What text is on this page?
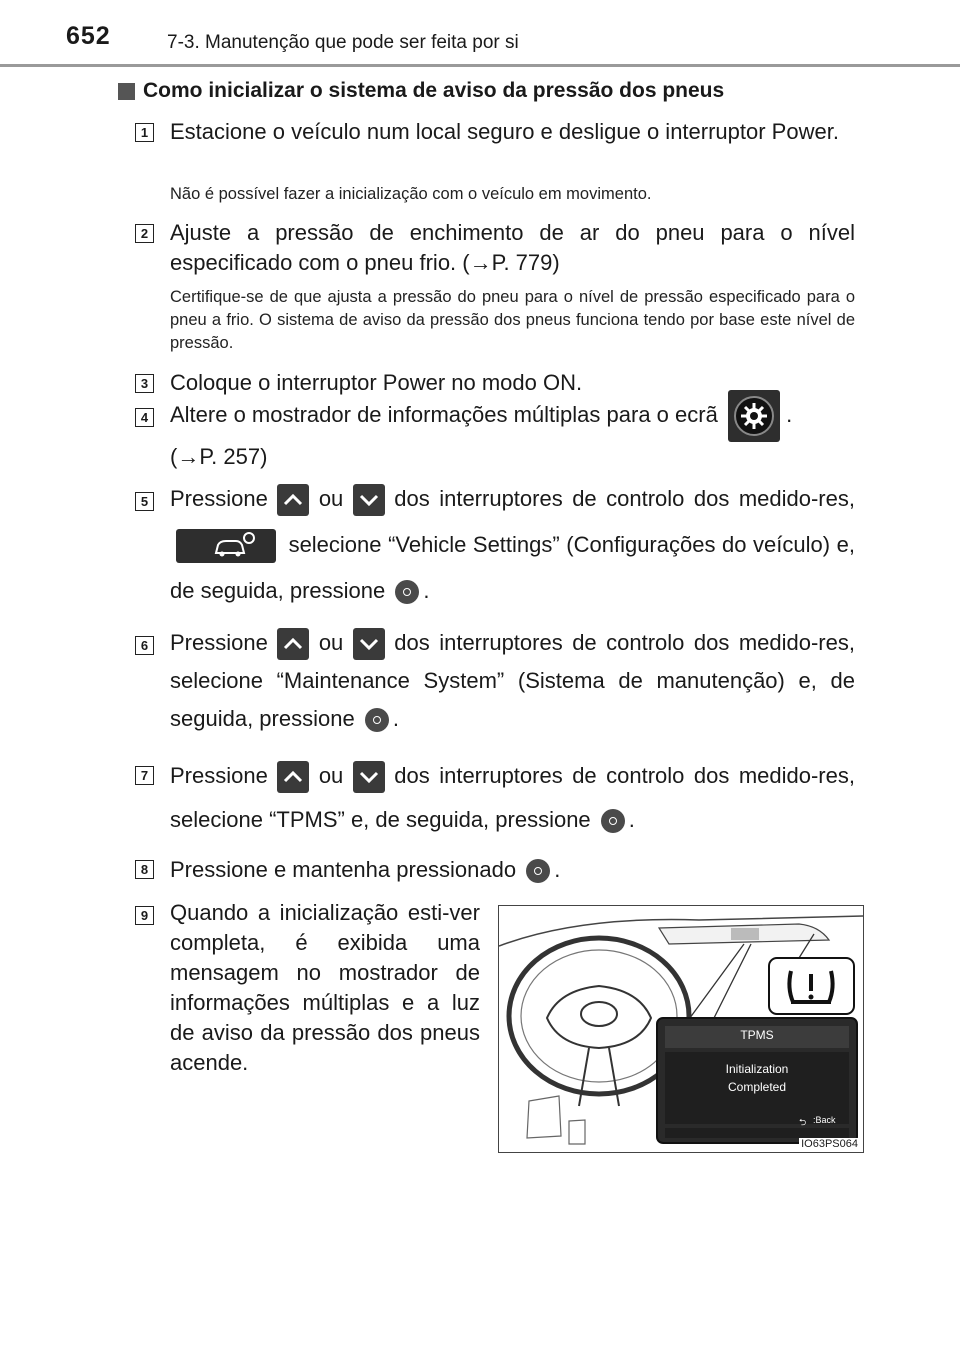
652	7-3. Manutenção que pode ser feita por si
Como inicializar o sistema de aviso da pressão dos pneus
1 Estacione o veículo num local seguro e desligue o interruptor Power.
Não é possível fazer a inicialização com o veículo em movimento.
2 Ajuste a pressão de enchimento de ar do pneu para o nível especificado com o pneu frio. (→P. 779)
Certifique-se de que ajusta a pressão do pneu para o nível de pressão especificado para o pneu a frio. O sistema de aviso da pressão dos pneus funciona tendo por base este nível de pressão.
3 Coloque o interruptor Power no modo ON.
4 Altere o mostrador de informações múltiplas para o ecrã	.
(→P. 257)
5 Pressione ou dos interruptores de controlo dos medido-res,  selecione “Vehicle Settings” (Configurações do veículo) e, de seguida, pressione .
6 Pressione ou dos interruptores de controlo dos medido-res, selecione “Maintenance System” (Sistema de manutenção) e, de seguida, pressione .
7 Pressione ou dos interruptores de controlo dos medido-res, selecione “TPMS” e, de seguida, pressione .
8 Pressione e mantenha pressionado .
9 Quando a inicialização esti-ver completa, é exibida uma mensagem no mostrador de informações múltiplas e a luz de aviso da pressão dos pneus acende.
TPMS
Initialization
Completed
⮌ :Back
IO63PS064
